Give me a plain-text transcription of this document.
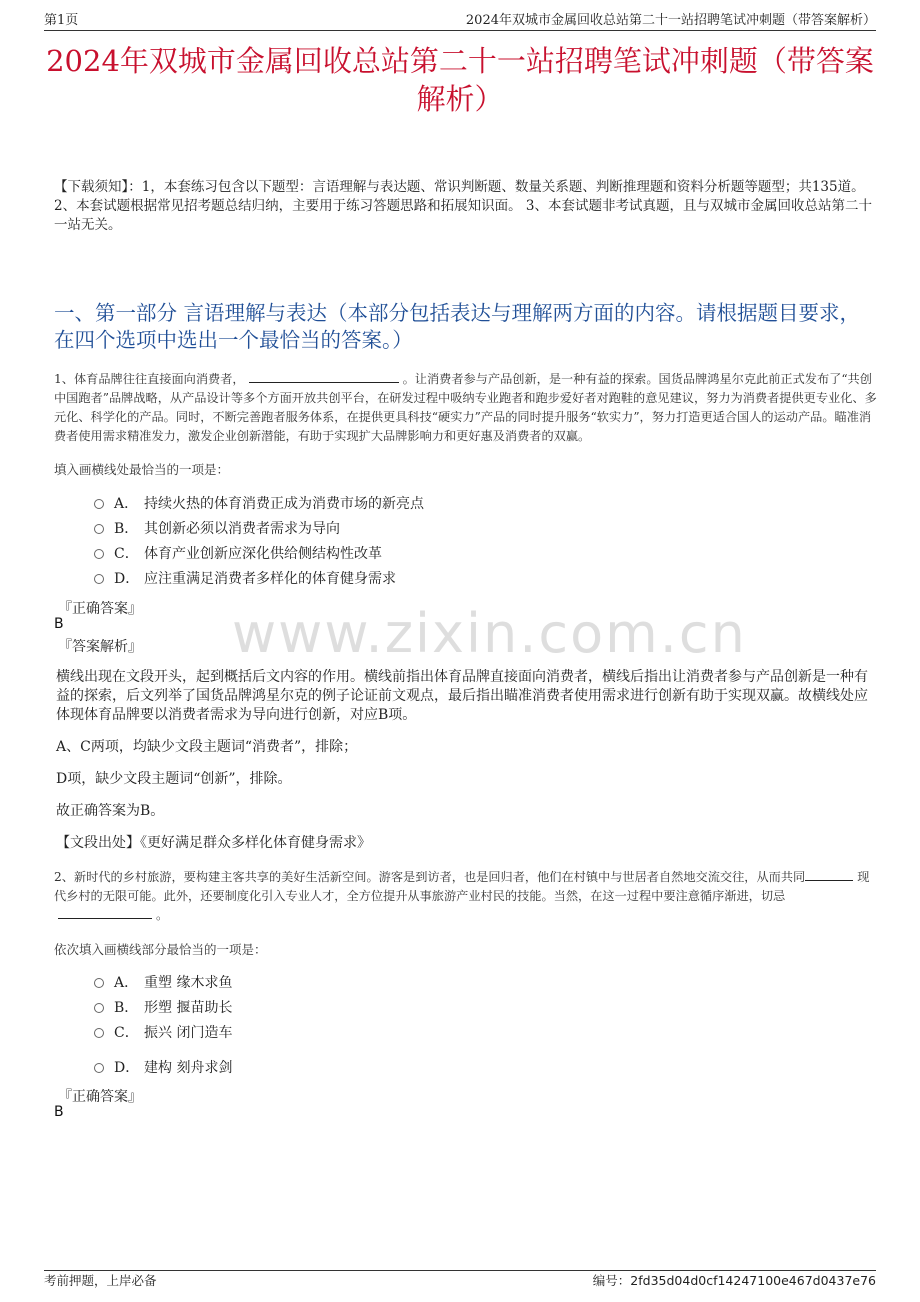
第1页	2024年双城市金属回收总站第二十一站招聘笔试冲刺题（带答案解析）
2024年双城市金属回收总站第二十一站招聘笔试冲刺题（带答案解析）
【下载须知】：1，本套练习包含以下题型：言语理解与表达题、常识判断题、数量关系题、判断推理题和资料分析题等题型；共135道。 2、本套试题根据常见招考题总结归纳，主要用于练习答题思路和拓展知识面。 3、本套试题非考试真题，且与双城市金属回收总站第二十一站无关。
一、第一部分 言语理解与表达（本部分包括表达与理解两方面的内容。请根据题目要求，在四个选项中选出一个最恰当的答案。）
1、体育品牌往往直接面向消费者，	。让消费者参与产品创新，是一种有益的探索。国货品牌鸿星尔克此前正式发布了“共创中国跑者”品牌战略，从产品设计等多个方面开放共创平台，在研发过程中吸纳专业跑者和跑步爱好者对跑鞋的意见建议，努力为消费者提供更专业化、多元化、科学化的产品。同时，不断完善跑者服务体系，在提供更具科技“硬实力”产品的同时提升服务“软实力”，努力打造更适合国人的运动产品。瞄准消费者使用需求精准发力，激发企业创新潜能，有助于实现扩大品牌影响力和更好惠及消费者的双赢。
填入画横线处最恰当的一项是：
A． 持续火热的体育消费正成为消费市场的新亮点
B． 其创新必须以消费者需求为导向
C． 体育产业创新应深化供给侧结构性改革
D． 应注重满足消费者多样化的体育健身需求
『正确答案』
B
『答案解析』 www.zixin.com.cn
横线出现在文段开头，起到概括后文内容的作用。横线前指出体育品牌直接面向消费者，横线后指出让消费者参与产品创新是一种有益的探索，后文列举了国货品牌鸿星尔克的例子论证前文观点，最后指出瞄准消费者使用需求进行创新有助于实现双赢。故横线处应体现体育品牌要以消费者需求为导向进行创新，对应B项。
A、C两项，均缺少文段主题词“消费者”，排除；
D项，缺少文段主题词“创新”，排除。
故正确答案为B。
【文段出处】《更好满足群众多样化体育健身需求》
2、新时代的乡村旅游，要构建主客共享的美好生活新空间。游客是到访者，也是回归者，他们在村镇中与世居者自然地交流交往，从而共同	现代乡村的无限可能。此外，还要制度化引入专业人才，全方位提升从事旅游产业村民的技能。当然，在这一过程中要注意循序渐进，切忌。
依次填入画横线部分最恰当的一项是：
A． 重塑 缘木求鱼
B． 形塑 揠苗助长
C． 振兴 闭门造车
D． 建构 刻舟求剑
『正确答案』
B
考前押题，上岸必备	编号：2fd35d04d0cf14247100e467d0437e76
